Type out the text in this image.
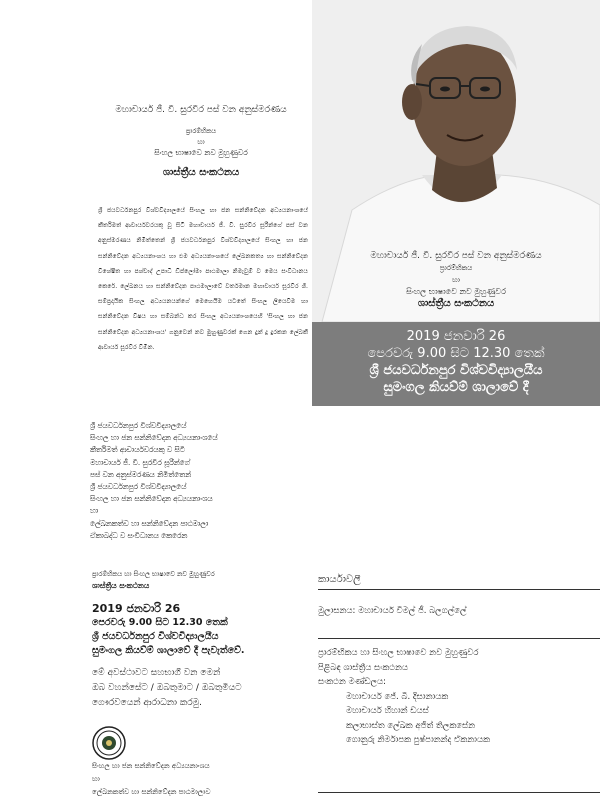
මහාචාර්ය ජී. වී. සුරවීර පස් වන අනුස්මරණය
ප්‍රාරම්භිකය
හා
සිංහල භාෂාවෙ නව මුහුණුවර
ශාස්ත්‍රීය සංකථනය
2019 ජනවාරි 26
පෙරවරු 9.00 සිට 12.30 තෙක්
ශ්‍රී ජයවර්ධනපුර විශ්වවිද්‍යාලයීය
සුමංගල කියව්ම් ශාලාවේ දී
මහාචාර්ය ජී. වී. සුරවීර පස් වන අනුස්මරණය
ප්‍රාරම්භිකය
හා
සිංහල භාෂාවෙ නව මුහුණුවර
ශාස්ත්‍රීය සංකථනය
ශ්‍රී ජයවර්ධනපුර විශ්වවිද්‍යාලයේ සිංහල හා ජන සන්නිවේදන අධ්‍යයනාංශයේ කීර්තිමත් ආචාර්යවරයකු වූ සිටි මහාචාර්ය ජී. වී. සුරවීර සූරීන්ගේ පස් වන අනුස්මරණය නිමිත්තෙන් ශ්‍රී ජයවර්ධනපුර විශ්වවිද්‍යාලයේ සිංහල හා ජන සන්නිවේදන අධ්‍යයනාංශය හා එම අධ්‍යයනාංශයේ ලේඛනකත්‍ය හා සන්නිවේදන විශේෂීත හා පශ්චාද් උපාධි ඩිප්ලෝමා පාඨමාලා නිමැවුම් ව මෙය සංවිධානය කෙරේ. ලේඛනය හා සන්නිවේදන පාඨමාලාවේ වර්තමාන මහාචාර්ය සූරවීර ශී. සම්ප්‍රදායික සිංහල අධ්‍යයනයන්ගේ මෙහෙයීම යටතේ සිංහල ලියෙවීම හා සන්නිවේදන විෂය හා සම්බන්ධ කර සිංහල අධ්‍යයනාංශයෙහි 'සිංහල හා ජන සන්නිවේදන අධ්‍යයනාංශය' ගනුවෙන් නව මුහුණුවරක් ගෙන දුන් දූ දුරකන ලේඛකී ආචාර්ය සූරවීර විමින.
ශ්‍රී ජයවර්ධනපුර විශ්වවිද්‍යාලයේ
සිංහල හා ජන සන්නිවේදන අධ්‍යයනාංශයේ
කීර්තිමත් ආචාර්යවරයකු ව සිටි
මහාචාර්ය ජී. වී. සුරවීර සූරීන්ගේ
පස් වන අනුස්මරණය නිමිත්තෙන්
ශ්‍රී ජයවර්ධනපුර විශ්වවිද්‍යාලයේ
සිංහල හා ජන සන්නිවේදන අධ්‍යයනාංශය
හා
ලේඛනකත්ව හා සන්නිවේදන පාඨමාලා
ඒකාබද්ධ ව සංවිධානය කෙරෙන
ප්‍රාරම්භිකය හා සිංහල භාෂාවෙ නව මුහුණුවර
ශාස්ත්‍රීය සංකථනය
2019 ජනවාරි 26
පෙරවරු 9.00 සිට 12.30 තෙක්
ශ්‍රී ජයවර්ධනපුර විශ්වවිද්‍යාලයීය
සුමංගල කියව්ම් ශාලාවේ දී පැවැත්වේ.
මේ අවස්ථාවට සහභාගී වන මෙන්
ඔබ වහන්සේට / ඔබතුමාට / ඔබතුමියට
ගෞරවයෙන් ආරාධනා කරමු.
සිංහල හා ජන සන්නිවේදන අධ්‍යයනාංශය
හා
ලේඛනකත්ව හා සන්නිවේදන පාඨමාලාව
කාර්යාවලී
මුලාසනය: මහාචාර්ය විමල් ජී. බලගල්ලේ
ප්‍රාරම්භිකය හා සිංහල භාෂාවෙ නව මුහුණුවර
පිළිබඳ ශාස්ත්‍රීය සංකථනය
සංකථන මණ්ඩලය:
මහාචාර්ය ජේ. බී. දිසානායක
මහාචාර්ය හිහාන් ඩයස්
කලාභාස්ත ලේඛක අජිත් තිලකසේන
ගොනුරු නිර්මාපක පුෂ්පානන්ද ඒකනායක
